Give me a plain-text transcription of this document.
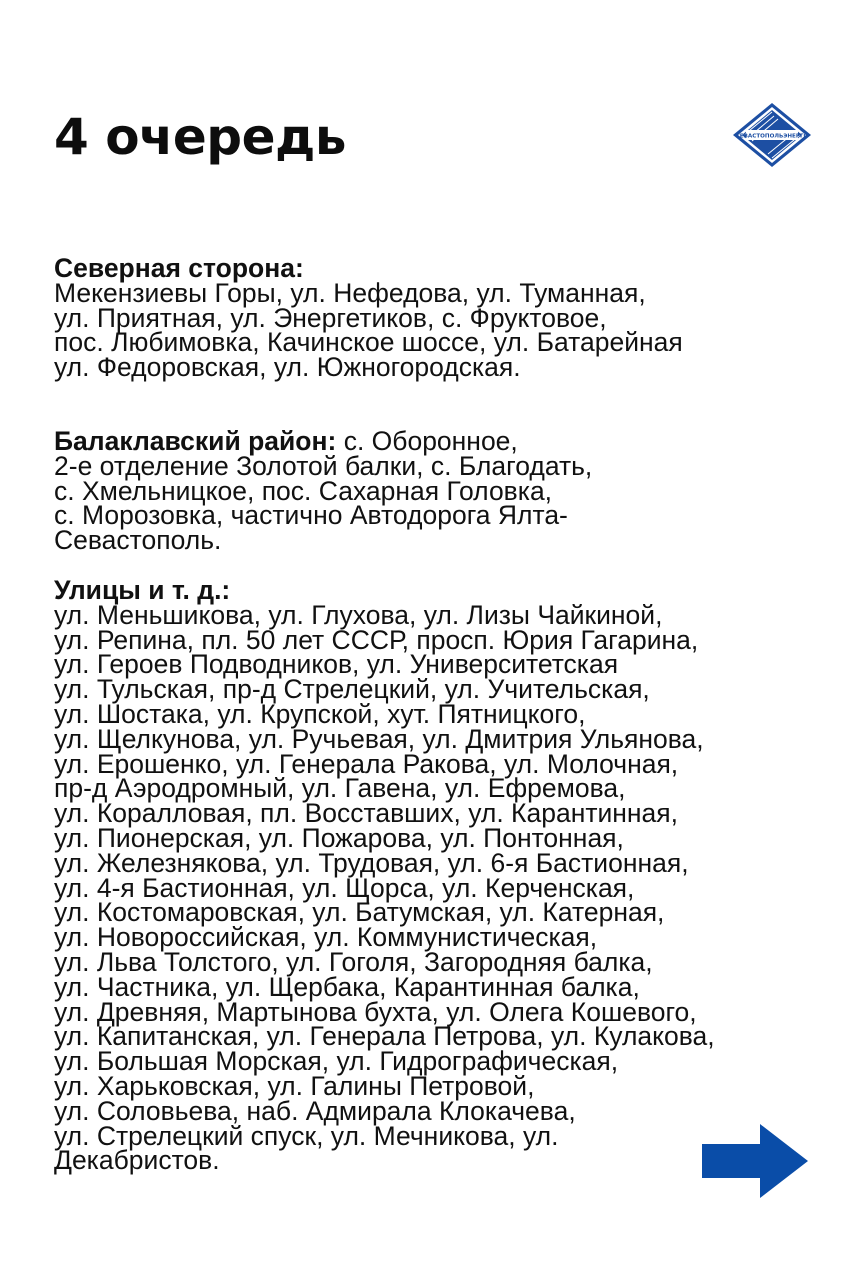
4 очередь	СЕВАСТОПОЛЬЭНЕРГО
Северная сторона:
Мекензиевы Горы, ул. Нефедова, ул. Туманная,
ул. Приятная, ул. Энергетиков, с. Фруктовое,
пос. Любимовка, Качинское шоссе, ул. Батарейная
ул. Федоровская, ул. Южногородская.
Балаклавский район: с. Оборонное,
2-е отделение Золотой балки, с. Благодать,
с. Хмельницкое, пос. Сахарная Головка,
с. Морозовка, частично Автодорога Ялта-
Севастополь.
Улицы и т. д.:
ул. Меньшикова, ул. Глухова, ул. Лизы Чайкиной,
ул. Репина, пл. 50 лет СССР, просп. Юрия Гагарина,
ул. Героев Подводников, ул. Университетская
ул. Тульская, пр-д Стрелецкий, ул. Учительская,
ул. Шостака, ул. Крупской, хут. Пятницкого,
ул. Щелкунова, ул. Ручьевая, ул. Дмитрия Ульянова,
ул. Ерошенко, ул. Генерала Ракова, ул. Молочная,
пр-д Аэродромный, ул. Гавена, ул. Ефремова,
ул. Коралловая, пл. Восставших, ул. Карантинная,
ул. Пионерская, ул. Пожарова, ул. Понтонная,
ул. Железнякова, ул. Трудовая, ул. 6-я Бастионная,
ул. 4-я Бастионная, ул. Щорса, ул. Керченская,
ул. Костомаровская, ул. Батумская, ул. Катерная,
ул. Новороссийская, ул. Коммунистическая,
ул. Льва Толстого, ул. Гоголя, Загородняя балка,
ул. Частника, ул. Щербака, Карантинная балка,
ул. Древняя, Мартынова бухта, ул. Олега Кошевого,
ул. Капитанская, ул. Генерала Петрова, ул. Кулакова,
ул. Большая Морская, ул. Гидрографическая,
ул. Харьковская, ул. Галины Петровой,
ул. Соловьева, наб. Адмирала Клокачева,
ул. Стрелецкий спуск, ул. Мечникова, ул.
Декабристов.
